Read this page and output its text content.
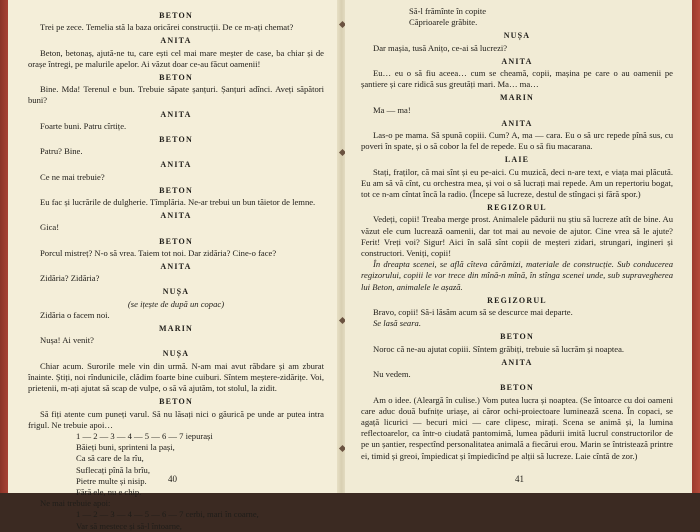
BETON
Trei pe zece. Temelia stă la baza oricărei construcții. De ce m-ați chemat?
ANITA
Beton, betonaș, ajută-ne tu, care ești cel mai mare meșter de case, ba chiar și de orașe întregi, pe malurile apelor. Ai văzut doar ce-au făcut oamenii!
BETON
Bine. Mda! Terenul e bun. Trebuie săpate șanțuri. Șanțuri adînci. Aveți săpători buni?
ANITA
Foarte buni. Patru cîrtițe.
BETON
Patru? Bine.
ANITA
Ce ne mai trebuie?
BETON
Eu fac și lucrările de dulgherie. Tîmplăria. Ne-ar trebui un bun tăietor de lemne.
ANITA
Gica!
BETON
Porcul mistreț? N-o să vrea. Taiem tot noi. Dar zidăria? Cine-o face?
ANITA
Zidăria? Zidăria?
NUȘA
(se ițește de după un copac)
Zidăria o facem noi.
MARIN
Nușa! Ai venit?
NUȘA
Chiar acum. Surorile mele vin din urmă. N-am mai avut răbdare și am zburat înainte. Știți, noi rîndunicile, clădim foarte bine cuiburi. Sîntem meștere-zidărițe. Voi, prietenii, m-ați ajutat să scap de vulpe, o să vă ajutăm, tot stolul, la zidit.
BETON
Să fiți atente cum puneți varul. Să nu lăsați nici o găurică pe unde ar putea intra frigul. Ne trebuie apoi…
1 — 2 — 3 — 4 — 5 — 6 — 7 iepurași
Băieți buni, sprinteni la pași,
Ca să care de la rîu,
Suflecați pînă la brîu,
Pietre multe și nisip.
Fără ele, nu e chip.
Ne mai trebuie apoi:
1 — 2 — 3 — 4 — 5 — 6 — 7 cerbi, mari în coarne,
Var să mestece și să-l întoarne,
40
Să-l frămînte în copite
Căprioarele grăbite.
NUȘA
Dar mașia, tusă Anițo, ce-ai să lucrezi?
ANITA
Eu… eu o să fiu aceea… cum se cheamă, copii, mașina pe care o au oamenii pe șantiere și care ridică sus greutăți mari. Ma… ma…
MARIN
Ma — ma!
ANITA
Las-o pe mama. Să spună copiii. Cum? A, ma — cara. Eu o să urc repede pînă sus, cu poveri în spate, și o să cobor la fel de repede. Eu o să fiu macarana.
LAIE
Stați, fraților, că mai sînt și eu pe-aici. Cu muzică, deci n-are text, e viața mai plăcută. Eu am să vă cînt, cu orchestra mea, și voi o să lucrați mai repede. Am un repertoriu bogat, tot ce n-am cîntat încă la radio. (Începe să lucreze, destul de stîngaci și fără spor.)
REGIZORUL
Vedeți, copii! Treaba merge prost. Animalele pădurii nu știu să lucreze atît de bine. Au văzut ele cum lucrează oamenii, dar tot mai au nevoie de ajutor. Cine vrea să le ajute? Ferit! Vreți voi? Sigur! Aici în sală sînt copii de meșteri zidari, strungari, ingineri și constructori. Veniți, copii!
În dreapta scenei, se află cîteva cărămizi, materiale de construcție. Sub conducerea regizorului, copiii le vor trece din mînă-n mînă, în stînga scenei unde, sub supravegherea lui Beton, animalele le așază.
REGIZORUL
Bravo, copii! Să-i lăsăm acum să se descurce mai departe.
Se lasă seara.
BETON
Noroc că ne-au ajutat copiii. Sîntem grăbiți, trebuie să lucrăm și noaptea.
ANITA
Nu vedem.
BETON
Am o idee. (Aleargă în culise.) Vom putea lucra și noaptea. (Se întoarce cu doi oameni care aduc două bufnițe uriașe, ai căror ochi-proiectoare luminează scena. În copaci, se agață licurici — becuri mici — care clipesc, mirați. Scena se animă și, la lumina reflectoarelor, ca într-o ciudată pantomimă, lumea pădurii imită lucrul constructorilor de pe un șantier, respectînd personalitatea animală a fiecărui erou. Marin se întristează printre ei, timid și greoi, împiedicat și împiedicînd pe alții să lucreze. Laie cîntă de zor.)
41
